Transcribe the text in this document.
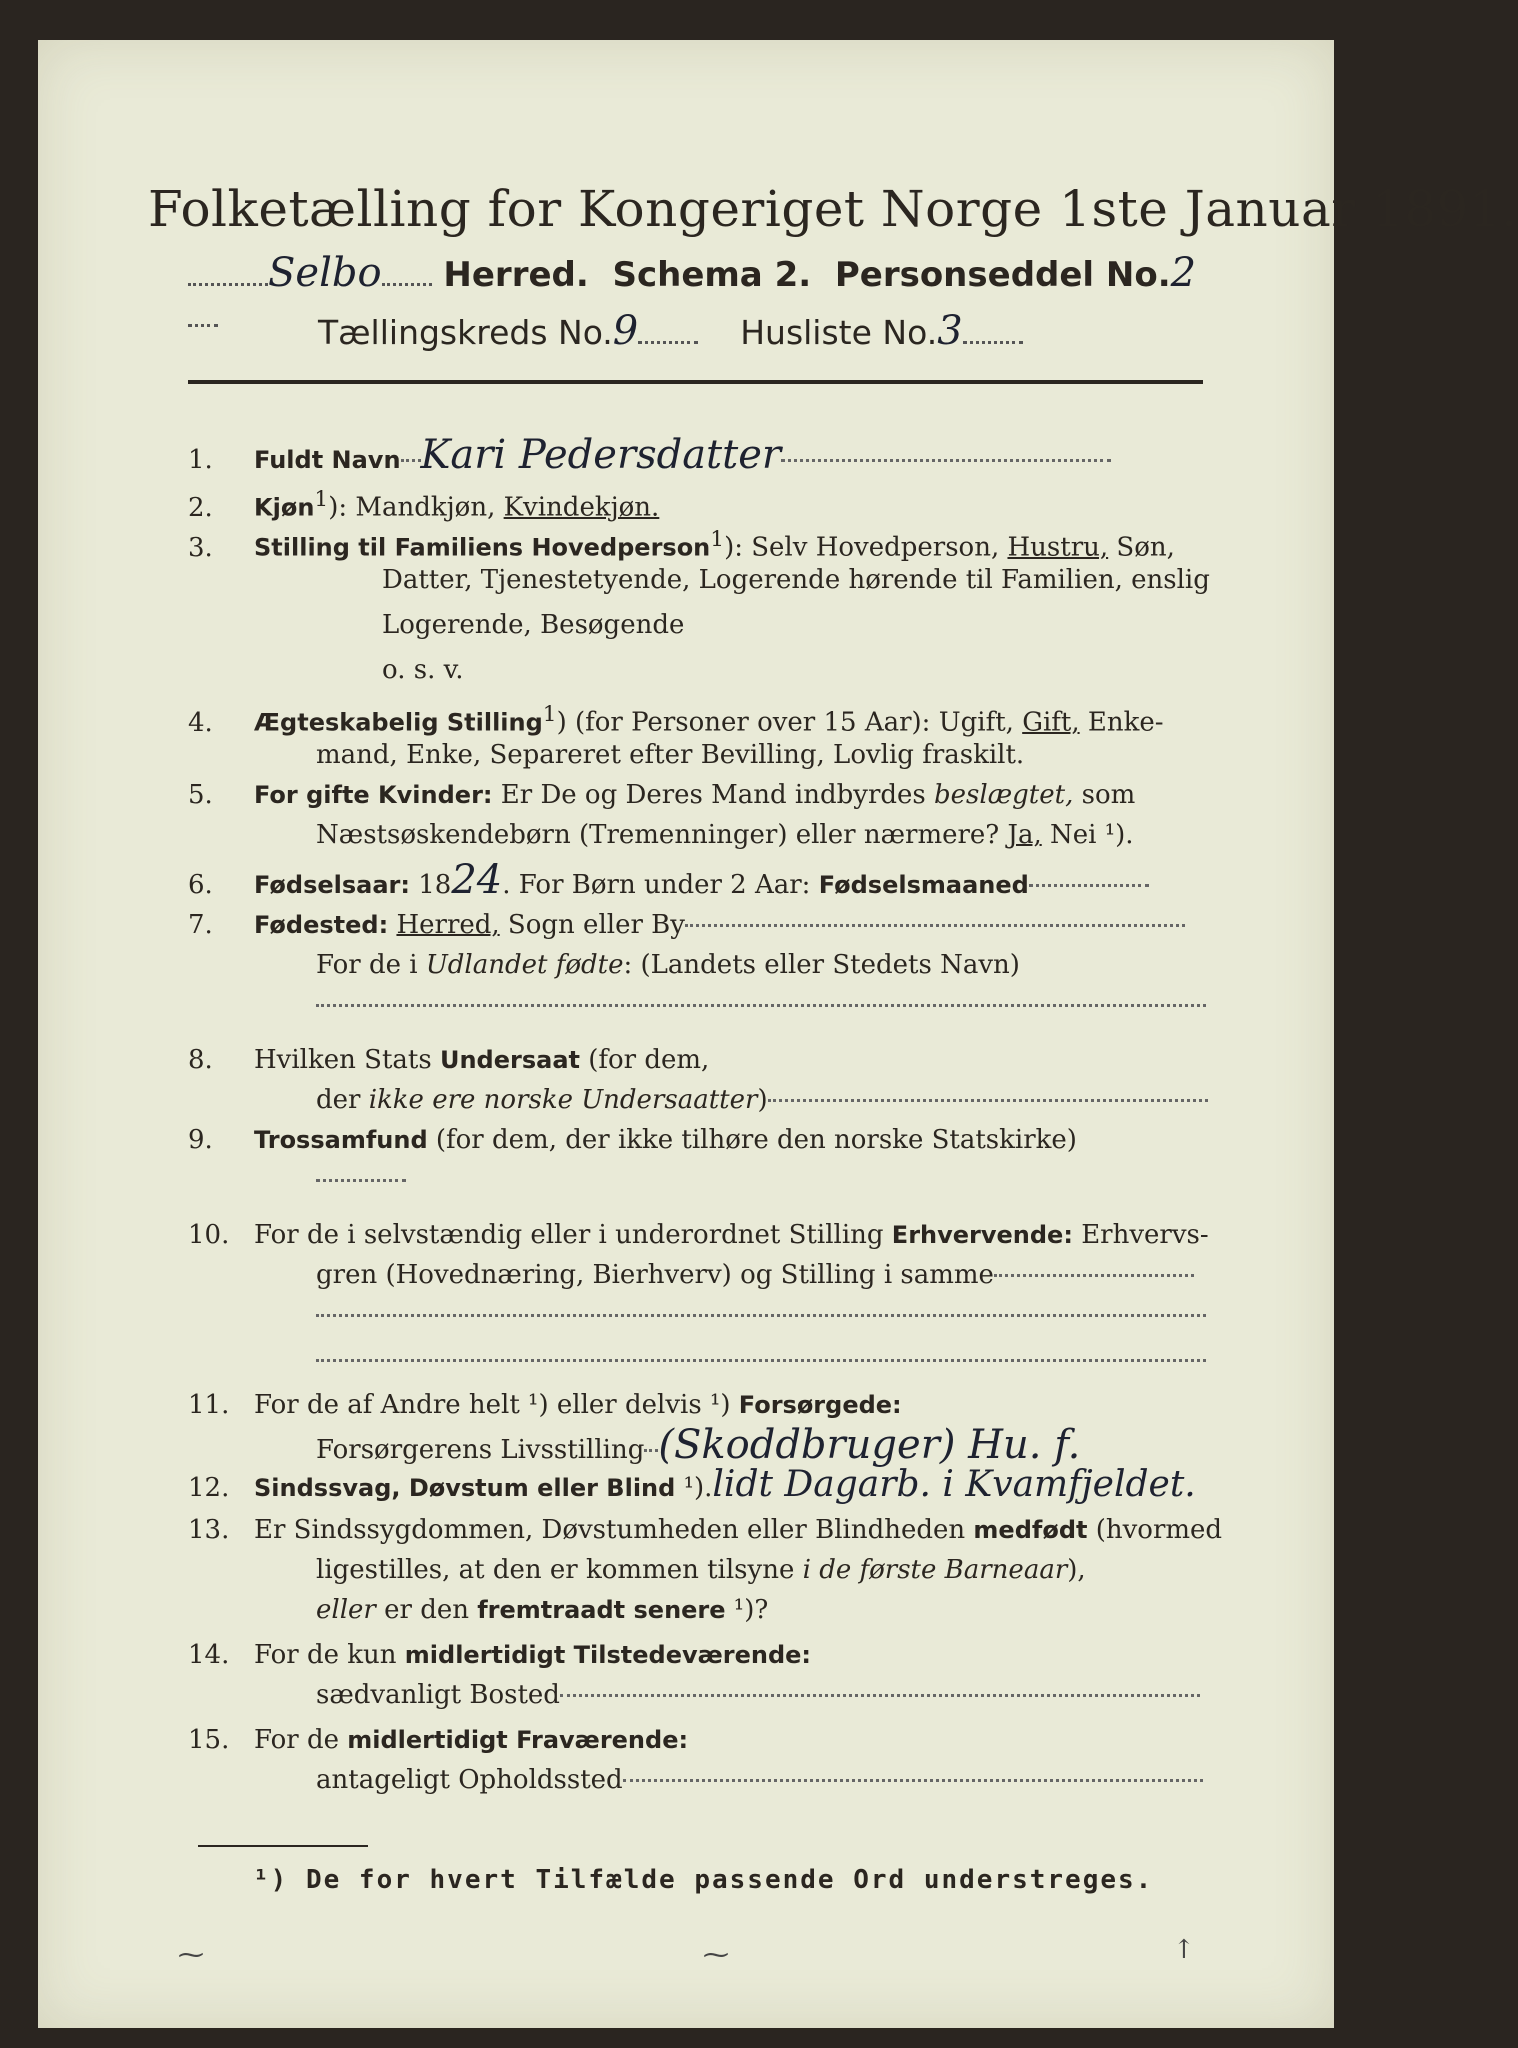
Folketælling for Kongeriget Norge 1ste Januar 1891.
Selbo Herred. Schema 2. Personseddel No.2
Tællingskreds No.9	Husliste No.3
1. Fuldt Navn Kari Pedersdatter
2. Kjøn$^1$): Mandkjøn, Kvindekjøn.
3. Stilling til Familiens Hovedperson$^1$): Selv Hovedperson, Hustru, Søn,
Datter, Tjenestetyende, Logerende hørende til Familien, enslig
Logerende, Besøgende
o. s. v.
4. Ægteskabelig Stilling$^1$) (for Personer over 15 Aar): Ugift, Gift, Enke-
mand, Enke, Separeret efter Bevilling, Lovlig fraskilt.
5. For gifte Kvinder: Er De og Deres Mand indbyrdes beslægtet, som
Næstsøskendebørn (Tremenninger) eller nærmere? Ja, Nei ¹).
6. Fødselsaar: 1824. For Børn under 2 Aar: Fødselsmaaned
7. Fødested: Herred, Sogn eller By
For de i Udlandet fødte: (Landets eller Stedets Navn)
8. Hvilken Stats Undersaat (for dem,
der ikke ere norske Undersaatter)
9. Trossamfund (for dem, der ikke tilhøre den norske Statskirke)
10. For de i selvstændig eller i underordnet Stilling Erhvervende: Erhvervs-
gren (Hovednæring, Bierhverv) og Stilling i samme
11. For de af Andre helt ¹) eller delvis ¹) Forsørgede:
Forsørgerens Livsstilling (Skoddbruger) Hu. f.
12. Sindssvag, Døvstum eller Blind ¹).lidt Dagarb. i Kvamfjeldet.
13. Er Sindssygdommen, Døvstumheden eller Blindheden medfødt (hvormed
ligestilles, at den er kommen tilsyne i de første Barneaar),
eller er den fremtraadt senere ¹)?
14. For de kun midlertidigt Tilstedeværende:
sædvanligt Bosted
15. For de midlertidigt Fraværende:
antageligt Opholdssted
¹) De for hvert Tilfælde passende Ord understreges.
⁓	⁓	↑
